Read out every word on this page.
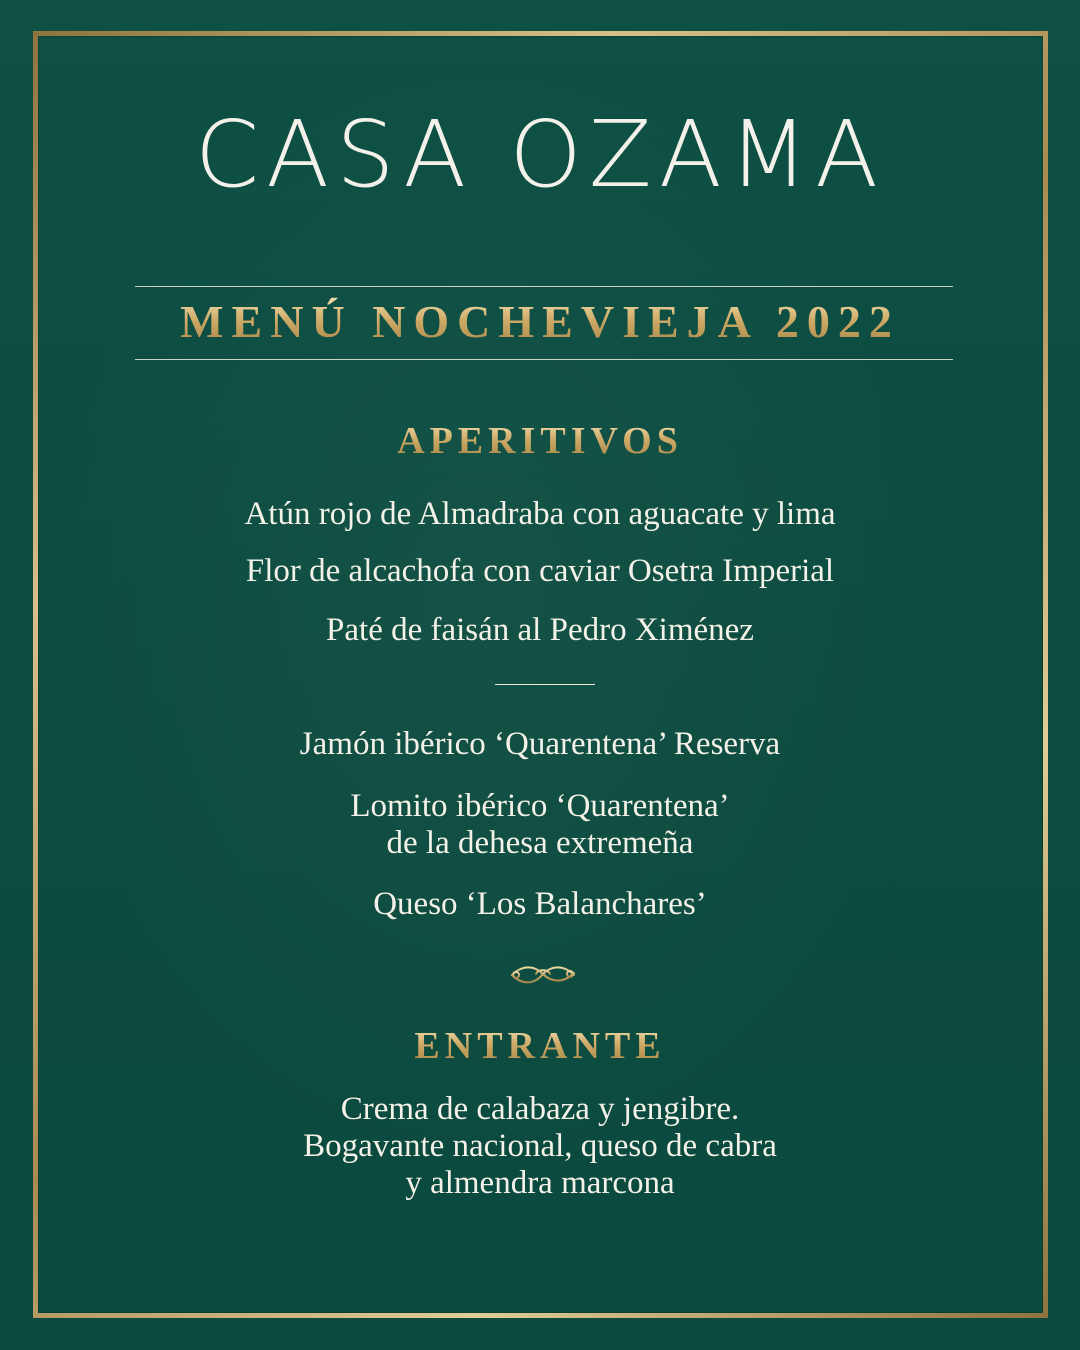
CASA OZAMA
MENÚ NOCHEVIEJA 2022
APERITIVOS
Atún rojo de Almadraba con aguacate y lima
Flor de alcachofa con caviar Osetra Imperial
Paté de faisán al Pedro Ximénez
Jamón ibérico ‘Quarentena’ Reserva
Lomito ibérico ‘Quarentena’
de la dehesa extremeña
Queso ‘Los Balanchares’
ENTRANTE
Crema de calabaza y jengibre.
Bogavante nacional, queso de cabra
y almendra marcona
